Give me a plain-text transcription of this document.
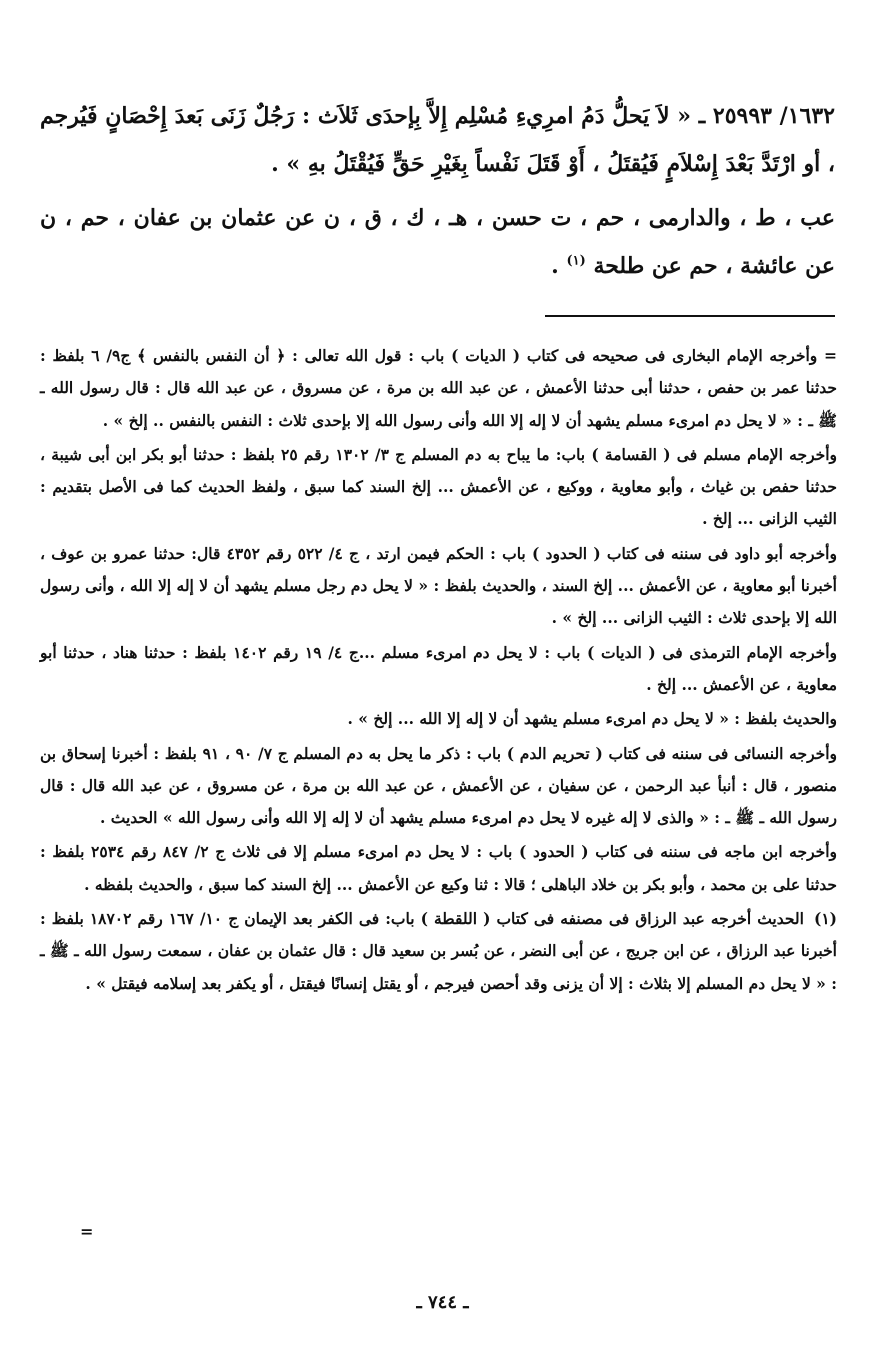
١٦٣٢/ ٢٥٩٩٣ ـ « لاَ يَحلُّ دَمُ امرِيءِ مُسْلِم إِلاَّ بِإحدَى ثَلاَث : رَجُلٌ زَنَى بَعدَ إِحْصَانٍ فَيُرجم ، أو ارْتَدَّ بَعْدَ إِسْلاَمٍ فَيُقتَلُ ، أَوْ قَتَلَ نَفْساً بِغَيْرِ حَقٍّ فَيُقْتَلُ بهِ » .

عب ، ط ، والدارمى ، حم ، ت حسن ، هـ ، ك ، ق ، ن عن عثمان بن عفان ، حم ، ن عن عائشة ، حم عن طلحة $^{(١)}$ .

= وأخرجه الإمام البخارى فى صحيحه فى كتاب ( الديات ) باب : قول الله تعالى : ﴿ أن النفس بالنفس ﴾ ج٩/ ٦ بلفظ : حدثنا عمر بن حفص ، حدثنا أبى حدثنا الأعمش ، عن عبد الله بن مرة ، عن مسروق ، عن عبد الله قال : قال رسول الله ـ ﷺ ـ : « لا يحل دم امرىء مسلم يشهد أن لا إله إلا الله وأنى رسول الله إلا بإحدى ثلاث : النفس بالنفس .. إلخ » .

وأخرجه الإمام مسلم فى ( القسامة ) باب: ما يباح به دم المسلم ج ٣/ ١٣٠٢ رقم ٢٥ بلفظ : حدثنا أبو بكر ابن أبى شيبة ، حدثنا حفص بن غياث ، وأبو معاوية ، ووكيع ، عن الأعمش ... إلخ السند كما سبق ، ولفظ الحديث كما فى الأصل بتقديم : الثيب الزانى ... إلخ .

وأخرجه أبو داود فى سننه فى كتاب ( الحدود ) باب : الحكم فيمن ارتد ، ج ٤/ ٥٢٢ رقم ٤٣٥٢ قال: حدثنا عمرو بن عوف ، أخبرنا أبو معاوية ، عن الأعمش ... إلخ السند ، والحديث بلفظ : « لا يحل دم رجل مسلم يشهد أن لا إله إلا الله ، وأنى رسول الله إلا بإحدى ثلاث : الثيب الزانى ... إلخ » .

وأخرجه الإمام الترمذى فى ( الديات ) باب : لا يحل دم امرىء مسلم ...ج ٤/ ١٩ رقم ١٤٠٢ بلفظ : حدثنا هناد ، حدثنا أبو معاوية ، عن الأعمش ... إلخ .

والحديث بلفظ : « لا يحل دم امرىء مسلم يشهد أن لا إله إلا الله ... إلخ » .

وأخرجه النسائى فى سننه فى كتاب ( تحريم الدم ) باب : ذكر ما يحل به دم المسلم ج ٧/ ٩٠ ، ٩١ بلفظ : أخبرنا إسحاق بن منصور ، قال : أنبأ عبد الرحمن ، عن سفيان ، عن الأعمش ، عن عبد الله بن مرة ، عن مسروق ، عن عبد الله قال : قال رسول الله ـ ﷺ ـ : « والذى لا إله غيره لا يحل دم امرىء مسلم يشهد أن لا إله إلا الله وأنى رسول الله » الحديث .

وأخرجه ابن ماجه فى سننه فى كتاب ( الحدود ) باب : لا يحل دم امرىء مسلم إلا فى ثلاث ج ٢/ ٨٤٧ رقم ٢٥٣٤ بلفظ : حدثنا على بن محمد ، وأبو بكر بن خلاد الباهلى ؛ قالا : ثنا وكيع عن الأعمش ... إلخ السند كما سبق ، والحديث بلفظه .

(١) الحديث أخرجه عبد الرزاق فى مصنفه فى كتاب ( اللقطة ) باب: فى الكفر بعد الإيمان ج ١٠/ ١٦٧ رقم ١٨٧٠٢ بلفظ : أخبرنا عبد الرزاق ، عن ابن جريج ، عن أبى النضر ، عن بُسر بن سعيد قال : قال عثمان بن عفان ، سمعت رسول الله ـ ﷺ ـ : « لا يحل دم المسلم إلا بثلاث : إلا أن يزنى وقد أحصن فيرجم ، أو يقتل إنسانًا فيقتل ، أو يكفر بعد إسلامه فيقتل » .

=
ـ ٧٤٤ ـ
